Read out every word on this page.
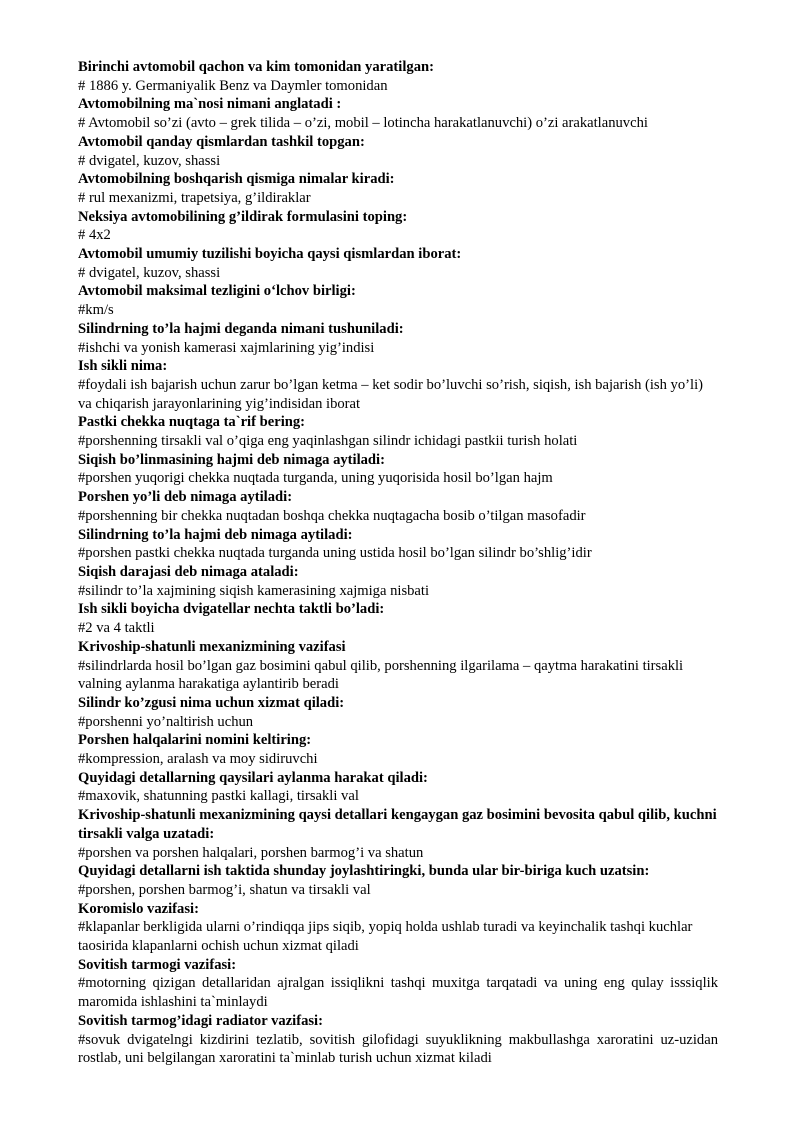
Birinchi avtomobil qachon va kim tomonidan yaratilgan:

# 1886 y. Germaniyalik Benz va Daymler tomonidan

Avtomobilning ma`nosi nimani anglatadi :

# Avtomobil so’zi (avto – grek tilida – o’zi, mobil – lotincha harakatlanuvchi) o’zi arakatlanuvchi

Avtomobil qanday qismlardan tashkil topgan:

# dvigatel, kuzov, shassi

Avtomobilning boshqarish qismiga nimalar kiradi:

# rul mexanizmi, trapetsiya, g’ildiraklar

Neksiya avtomobilining g’ildirak formulasini toping:

# 4x2

Avtomobil umumiy tuzilishi boyicha qaysi qismlardan iborat:

# dvigatel, kuzov, shassi

Avtomobil maksimal tezligini o‘lchov birligi:

#km/s

Silindrning to’la hajmi deganda nimani tushuniladi:

#ishchi va yonish kamerasi xajmlarining yig’indisi

Ish sikli nima:

#foydali ish bajarish uchun zarur bo’lgan ketma – ket sodir bo’luvchi so’rish, siqish, ish bajarish (ish yo’li) va chiqarish jarayonlarining yig’indisidan iborat

Pastki chekka nuqtaga ta`rif bering:

#porshenning tirsakli val o’qiga eng yaqinlashgan silindr ichidagi pastkii turish holati

Siqish bo’linmasining hajmi deb nimaga aytiladi:

#porshen yuqorigi chekka nuqtada turganda, uning yuqorisida hosil bo’lgan hajm

Porshen yo’li deb nimaga aytiladi:

#porshenning bir chekka nuqtadan boshqa chekka nuqtagacha bosib o’tilgan masofadir

Silindrning to’la hajmi deb nimaga aytiladi:

#porshen pastki chekka nuqtada turganda uning ustida hosil bo’lgan silindr bo’shlig’idir

Siqish darajasi deb nimaga ataladi:

#silindr to’la xajmining siqish kamerasining xajmiga nisbati

Ish sikli boyicha dvigatellar nechta taktli bo’ladi:

#2 va 4 taktli

Krivoship-shatunli mexanizmining vazifasi

#silindrlarda hosil bo’lgan gaz bosimini qabul qilib, porshenning ilgarilama – qaytma harakatini tirsakli valning aylanma harakatiga aylantirib beradi

Silindr ko’zgusi nima uchun xizmat qiladi:

#porshenni yo’naltirish uchun

Porshen halqalarini nomini keltiring:

#kompression, aralash va moy sidiruvchi

Quyidagi detallarning qaysilari aylanma harakat qiladi:

#maxovik, shatunning pastki kallagi, tirsakli val

Krivoship-shatunli mexanizmining qaysi detallari kengaygan gaz bosimini bevosita qabul qilib, kuchni tirsakli valga uzatadi:

#porshen va porshen halqalari, porshen barmog’i va shatun

Quyidagi detallarni ish taktida shunday joylashtiringki, bunda ular bir-biriga kuch uzatsin:

#porshen, porshen barmog’i, shatun va tirsakli val

Koromislo vazifasi:

#klapanlar berkligida ularni o’rindiqqa jips siqib, yopiq holda ushlab turadi va keyinchalik tashqi kuchlar taosirida klapanlarni ochish uchun xizmat qiladi

Sovitish tarmogi vazifasi:

#motorning qizigan detallaridan ajralgan issiqlikni tashqi muxitga tarqatadi va uning eng qulay isssiqlik maromida ishlashini ta`minlaydi

Sovitish tarmog’idagi radiator vazifasi:

#sovuk dvigatelngi kizdirini tezlatib, sovitish gilofidagi suyuklikning makbullashga xaroratini uz-uzidan rostlab, uni belgilangan xaroratini ta`minlab turish uchun xizmat kiladi
